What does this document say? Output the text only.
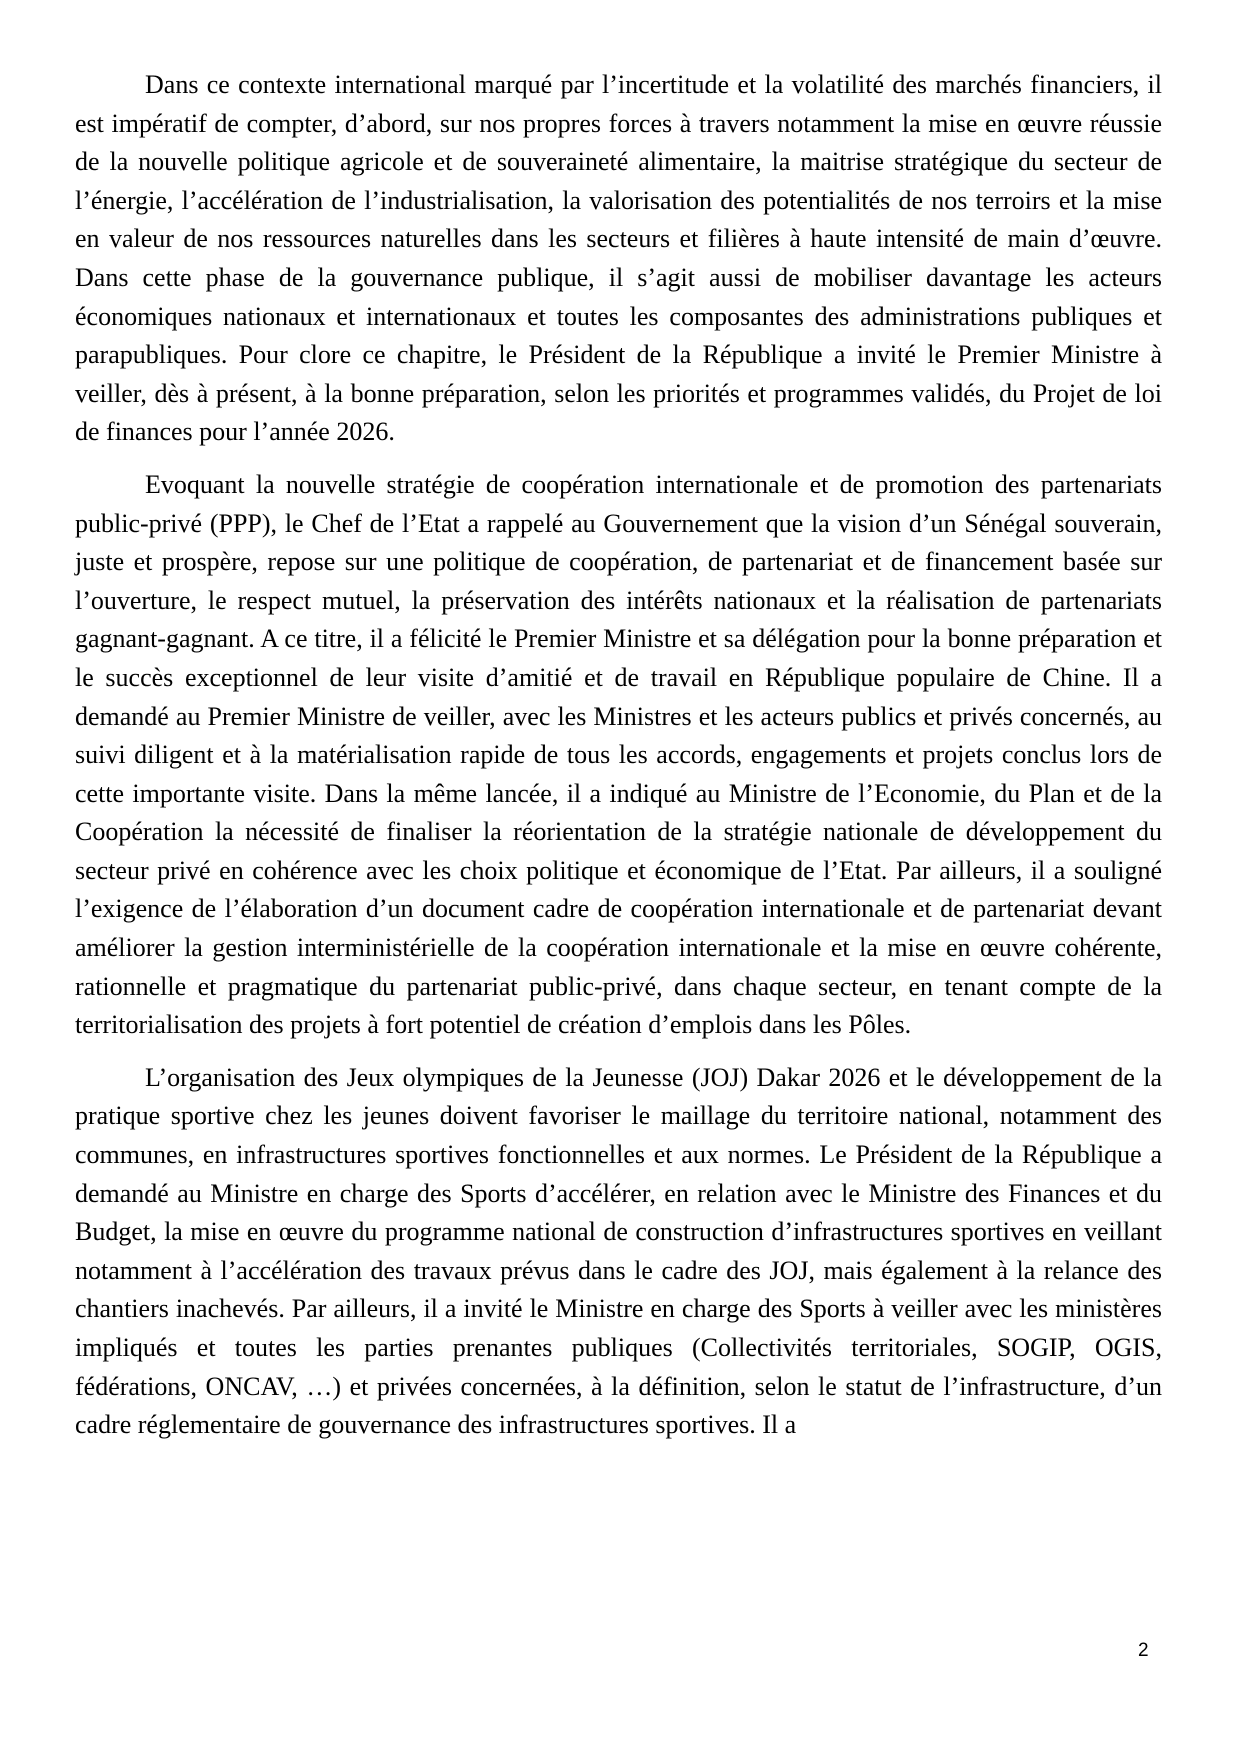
Dans ce contexte international marqué par l’incertitude et la volatilité des marchés financiers, il est impératif de compter, d’abord, sur nos propres forces à travers notamment la mise en œuvre réussie de la nouvelle politique agricole et de souveraineté alimentaire, la maitrise stratégique du secteur de l’énergie, l’accélération de l’industrialisation, la valorisation des potentialités de nos terroirs et la mise en valeur de nos ressources naturelles dans les secteurs et filières à haute intensité de main d’œuvre. Dans cette phase de la gouvernance publique, il s’agit aussi de mobiliser davantage les acteurs économiques nationaux et internationaux et toutes les composantes des administrations publiques et parapubliques. Pour clore ce chapitre, le Président de la République a invité le Premier Ministre à veiller, dès à présent, à la bonne préparation, selon les priorités et programmes validés, du Projet de loi de finances pour l’année 2026.

Evoquant la nouvelle stratégie de coopération internationale et de promotion des partenariats public-privé (PPP), le Chef de l’Etat a rappelé au Gouvernement que la vision d’un Sénégal souverain, juste et prospère, repose sur une politique de coopération, de partenariat et de financement basée sur l’ouverture, le respect mutuel, la préservation des intérêts nationaux et la réalisation de partenariats gagnant-gagnant. A ce titre, il a félicité le Premier Ministre et sa délégation pour la bonne préparation et le succès exceptionnel de leur visite d’amitié et de travail en République populaire de Chine. Il a demandé au Premier Ministre de veiller, avec les Ministres et les acteurs publics et privés concernés, au suivi diligent et à la matérialisation rapide de tous les accords, engagements et projets conclus lors de cette importante visite. Dans la même lancée, il a indiqué au Ministre de l’Economie, du Plan et de la Coopération la nécessité de finaliser la réorientation de la stratégie nationale de développement du secteur privé en cohérence avec les choix politique et économique de l’Etat. Par ailleurs, il a souligné l’exigence de l’élaboration d’un document cadre de coopération internationale et de partenariat devant améliorer la gestion interministérielle de la coopération internationale et la mise en œuvre cohérente, rationnelle et pragmatique du partenariat public-privé, dans chaque secteur, en tenant compte de la territorialisation des projets à fort potentiel de création d’emplois dans les Pôles.

L’organisation des Jeux olympiques de la Jeunesse (JOJ) Dakar 2026 et le développement de la pratique sportive chez les jeunes doivent favoriser le maillage du territoire national, notamment des communes, en infrastructures sportives fonctionnelles et aux normes. Le Président de la République a demandé au Ministre en charge des Sports d’accélérer, en relation avec le Ministre des Finances et du Budget, la mise en œuvre du programme national de construction d’infrastructures sportives en veillant notamment à l’accélération des travaux prévus dans le cadre des JOJ, mais également à la relance des chantiers inachevés. Par ailleurs, il a invité le Ministre en charge des Sports à veiller avec les ministères impliqués et toutes les parties prenantes publiques (Collectivités territoriales, SOGIP, OGIS, fédérations, ONCAV, …) et privées concernées, à la définition, selon le statut de l’infrastructure, d’un cadre réglementaire de gouvernance des infrastructures sportives. Il a

2
